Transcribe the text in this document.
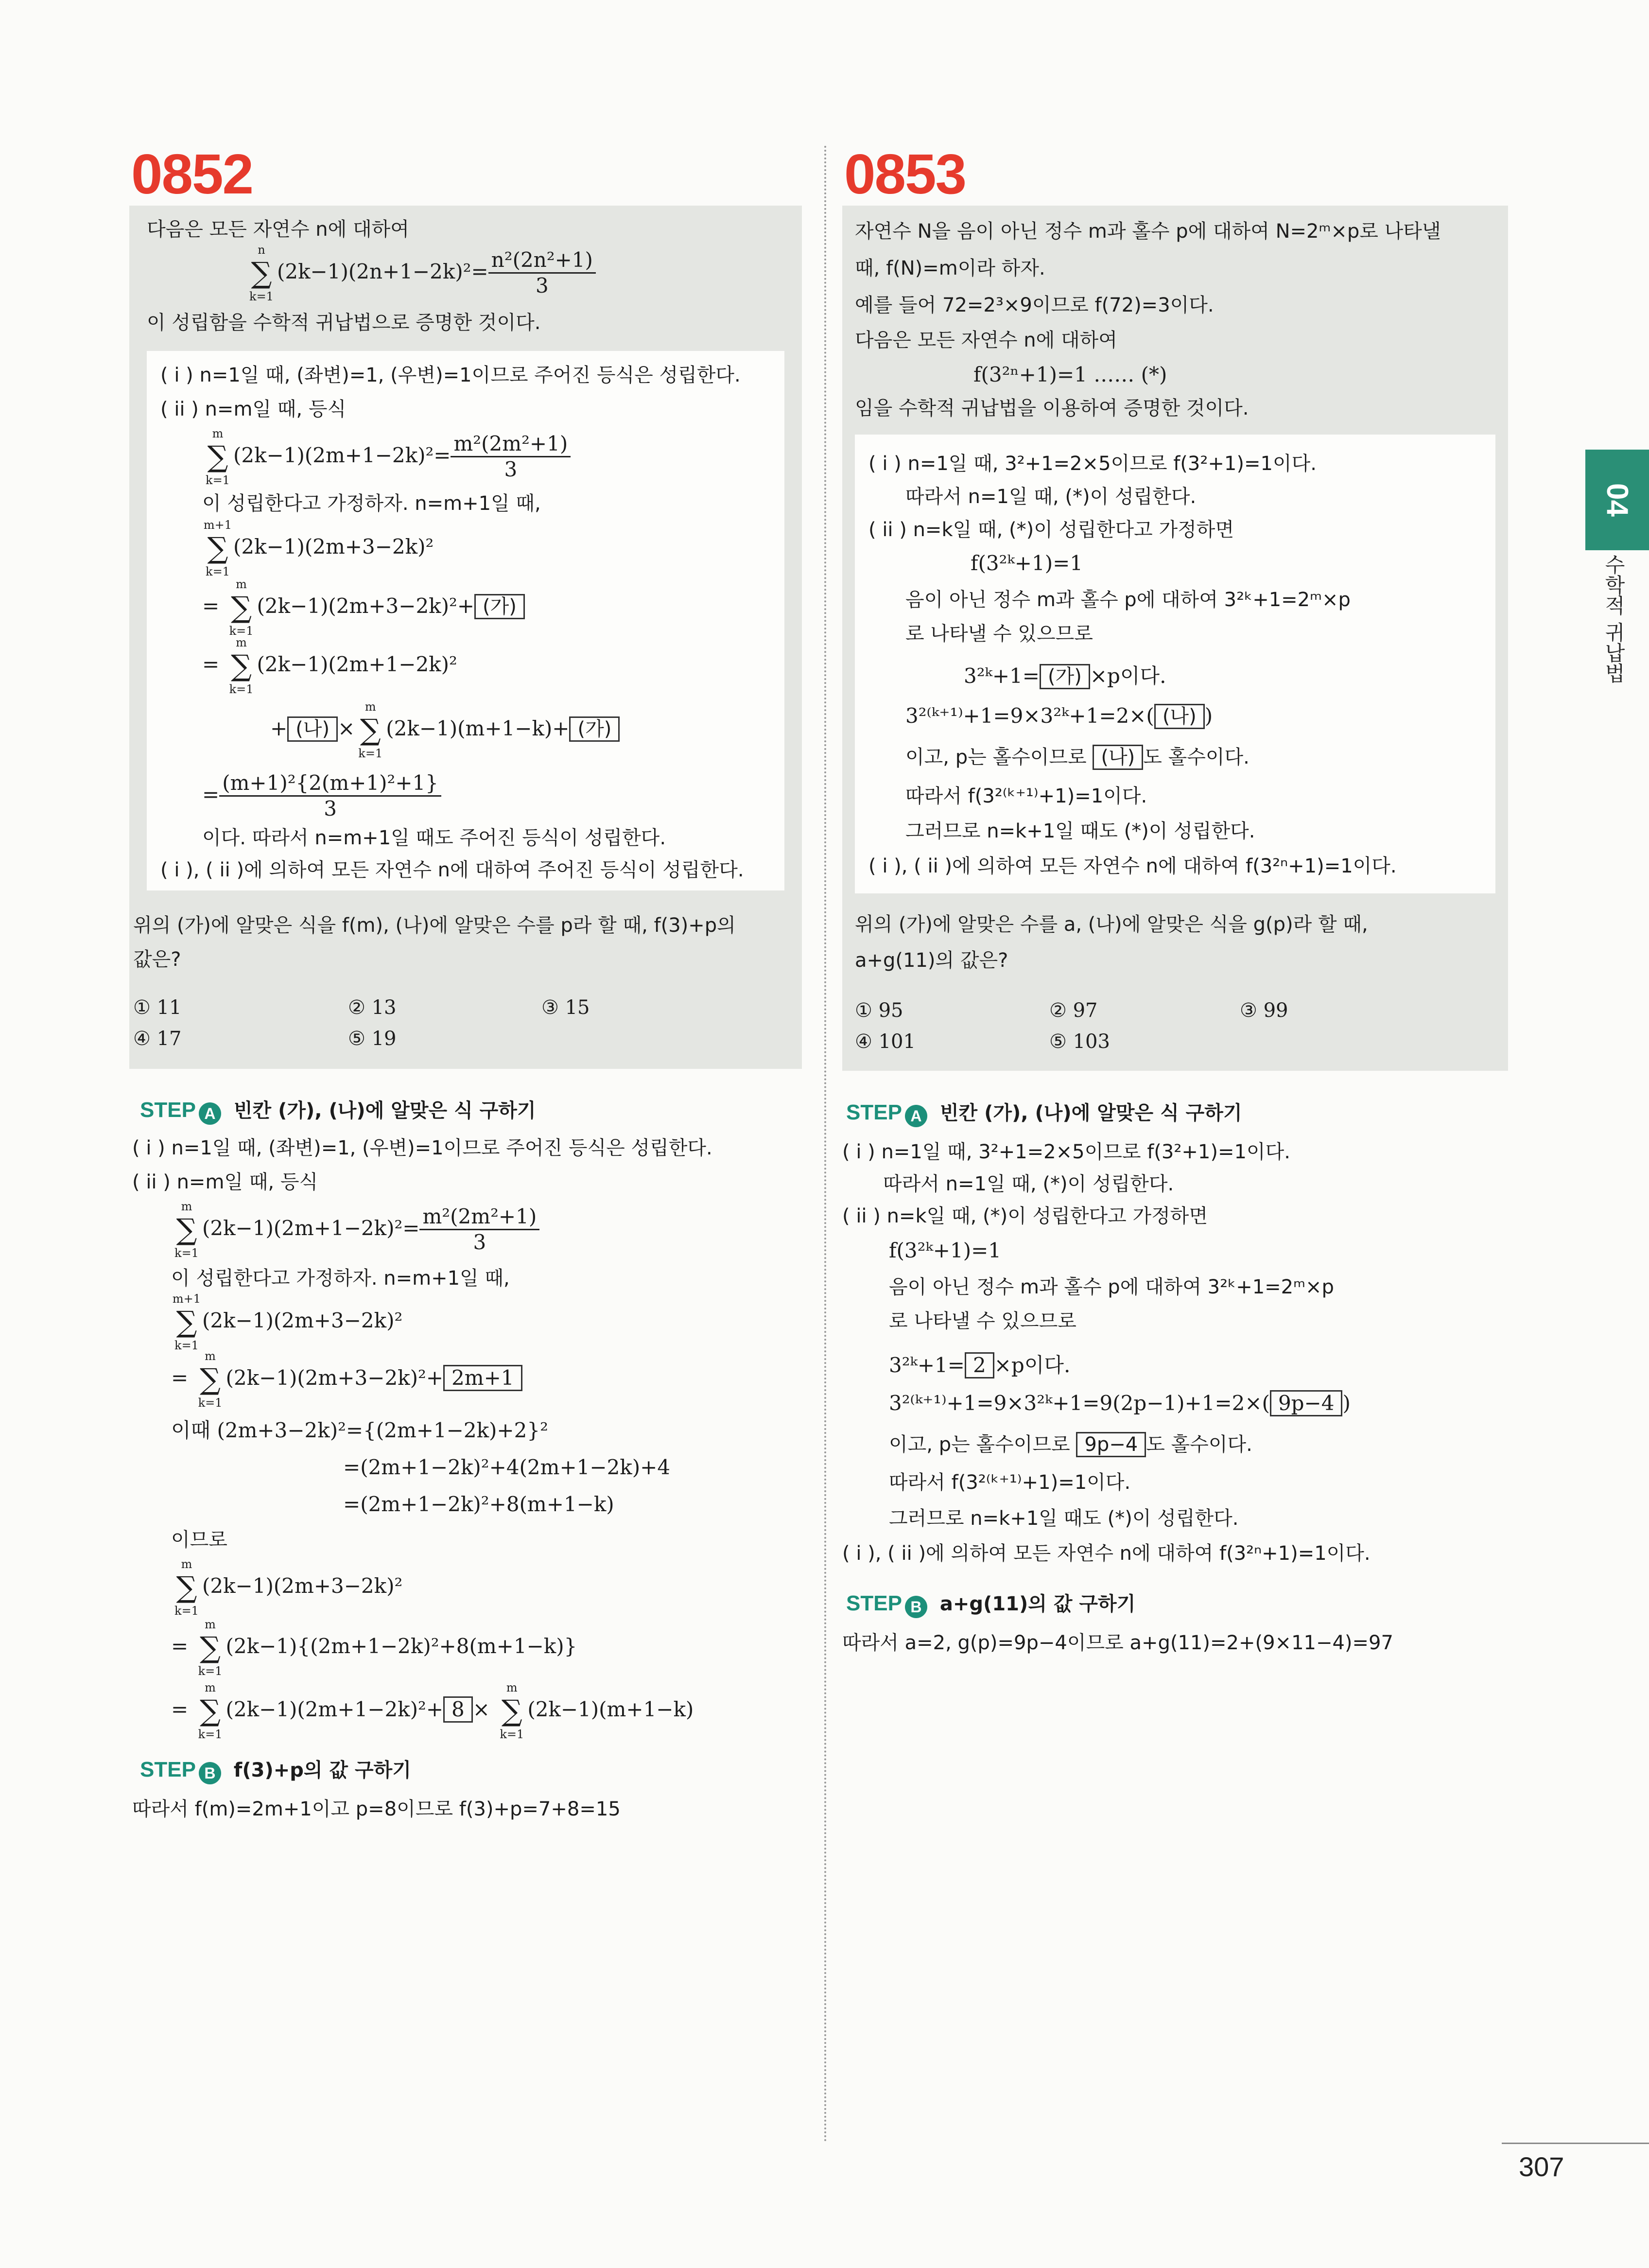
0852
다음은 모든 자연수 n에 대하여
n
∑
k=1
$(2k-1)(2n+1-2k)^2= \frac{\text{n²(2n²+1)}}{3}$
이 성립함을 수학적 귀납법으로 증명한 것이다.
( i ) n=1일 때, (좌변)=1, (우변)=1이므로 주어진 등식은 성립한다.
( ii ) n=m일 때, 등식
m
∑
k=1
$(2k-1)(2m+1-2k)^2= \frac{\text{m²(2m²+1)}}{3}$
이 성립한다고 가정하자. n=m+1일 때,
m+1
∑
k=1
(2k−1)(2m+3−2k)²
=
m
∑
k=1
(2k−1)(2m+3−2k)²+ (가)
=
m
∑
k=1
(2k−1)(2m+1−2k)²
+ (나) ×
m
∑
k=1
(2k−1)(m+1−k)+ (가)
= $\frac{\text{(m+1)²\{2(m+1)²+1\}}}{3}$
이다. 따라서 n=m+1일 때도 주어진 등식이 성립한다.
( i ), ( ii )에 의하여 모든 자연수 n에 대하여 주어진 등식이 성립한다.
위의 (가)에 알맞은 식을 f(m), (나)에 알맞은 수를 p라 할 때, f(3)+p의
값은?
① 11	② 13	③ 15
④ 17	⑤ 19
STEP A 빈칸 (가), (나)에 알맞은 식 구하기
( i ) n=1일 때, (좌변)=1, (우변)=1이므로 주어진 등식은 성립한다.
( ii ) n=m일 때, 등식
m
∑
k=1
$(2k-1)(2m+1-2k)^2= \frac{\text{m²(2m²+1)}}{3}$
이 성립한다고 가정하자. n=m+1일 때,
m+1
∑
k=1
(2k−1)(2m+3−2k)²
=
m
∑
k=1
(2k−1)(2m+3−2k)²+ 2m+1
이때 (2m+3−2k)²={(2m+1−2k)+2}²
=(2m+1−2k)²+4(2m+1−2k)+4
=(2m+1−2k)²+8(m+1−k)
이므로
m
∑
k=1
(2k−1)(2m+3−2k)²
=
m
∑
k=1
(2k−1){(2m+1−2k)²+8(m+1−k)}
=
m
∑
k=1
(2k−1)(2m+1−2k)²+ 8 ×
m
∑
k=1
(2k−1)(m+1−k)
STEP B f(3)+p의 값 구하기
따라서 f(m)=2m+1이고 p=8이므로 f(3)+p=7+8=15
0853
자연수 N을 음이 아닌 정수 m과 홀수 p에 대하여 N=2ᵐ×p로 나타낼
때, f(N)=m이라 하자.
예를 들어 72=2³×9이므로 f(72)=3이다.
다음은 모든 자연수 n에 대하여
f(3²ⁿ+1)=1 …… (*)
임을 수학적 귀납법을 이용하여 증명한 것이다.
( i ) n=1일 때, 3²+1=2×5이므로 f(3²+1)=1이다.
따라서 n=1일 때, (*)이 성립한다.
( ii ) n=k일 때, (*)이 성립한다고 가정하면
f(3²ᵏ+1)=1
음이 아닌 정수 m과 홀수 p에 대하여 3²ᵏ+1=2ᵐ×p
로 나타낼 수 있으므로
3²ᵏ+1= (가) ×p이다.
3²⁽ᵏ⁺¹⁾+1=9×3²ᵏ+1=2×( (나) )
이고, p는 홀수이므로 (나) 도 홀수이다.
따라서 f(3²⁽ᵏ⁺¹⁾+1)=1이다.
그러므로 n=k+1일 때도 (*)이 성립한다.
( i ), ( ii )에 의하여 모든 자연수 n에 대하여 f(3²ⁿ+1)=1이다.
위의 (가)에 알맞은 수를 a, (나)에 알맞은 식을 g(p)라 할 때,
a+g(11)의 값은?
① 95	② 97	③ 99
④ 101	⑤ 103
STEP A 빈칸 (가), (나)에 알맞은 식 구하기
( i ) n=1일 때, 3²+1=2×5이므로 f(3²+1)=1이다.
따라서 n=1일 때, (*)이 성립한다.
( ii ) n=k일 때, (*)이 성립한다고 가정하면
f(3²ᵏ+1)=1
음이 아닌 정수 m과 홀수 p에 대하여 3²ᵏ+1=2ᵐ×p
로 나타낼 수 있으므로
3²ᵏ+1= 2 ×p이다.
3²⁽ᵏ⁺¹⁾+1=9×3²ᵏ+1=9(2p−1)+1=2×( 9p−4 )
이고, p는 홀수이므로 9p−4 도 홀수이다.
따라서 f(3²⁽ᵏ⁺¹⁾+1)=1이다.
그러므로 n=k+1일 때도 (*)이 성립한다.
( i ), ( ii )에 의하여 모든 자연수 n에 대하여 f(3²ⁿ+1)=1이다.
STEP B a+g(11)의 값 구하기
따라서 a=2, g(p)=9p−4이므로 a+g(11)=2+(9×11−4)=97
04
수학적 귀납법
307
